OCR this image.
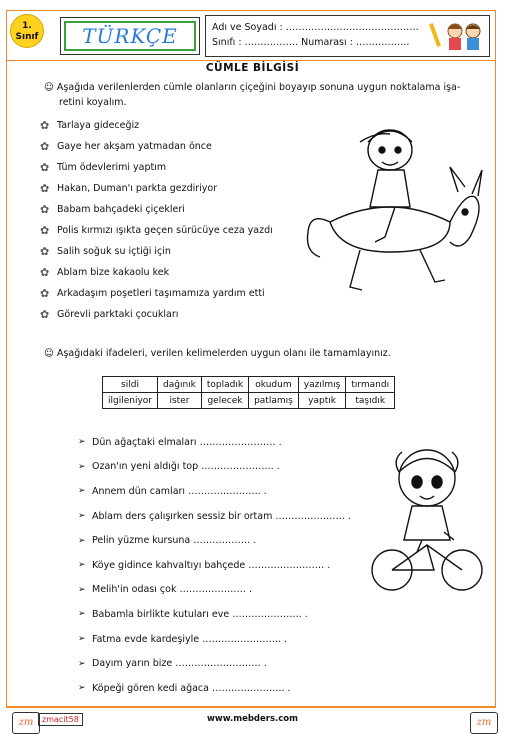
1.
Sınıf	TÜRKÇE	Adı ve Soyadı : ……………………………………
Sınıfı : …………….. Numarası : ……………..
CÜMLE BİLGİSİ
☺ Aşağıda verilenlerden cümle olanların çiçeğini boyayıp sonuna uygun noktalama işa-
retini koyalım.
✿ Tarlaya gideceğiz
✿ Gaye her akşam yatmadan önce
✿ Tüm ödevlerimi yaptım
✿ Hakan, Duman'ı parkta gezdiriyor
✿ Babam bahçadeki çiçekleri
✿ Polis kırmızı ışıkta geçen sürücüye ceza yazdı
✿ Salih soğuk su içtiği için
✿ Ablam bize kakaolu kek
✿ Arkadaşım poşetleri taşımamıza yardım etti
✿ Görevli parktaki çocukları
☺ Aşağıdaki ifadeleri, verilen kelimelerden uygun olanı ile tamamlayınız.
sildi	dağınık	topladık	okudum	yazılmış	tırmandı
ilgileniyor	ister	gelecek	patlamış	yaptık	taşıdık
➢ Dün ağaçtaki elmaları …………………… .
➢ Ozan'ın yeni aldığı top ………………….. .
➢ Annem dün camları ………………….. .
➢ Ablam ders çalışırken sessiz bir ortam …………………. .
➢ Pelin yüzme kursuna ……………… .
➢ Köye gidince kahvaltıyı bahçede …………………… .
➢ Melih'in odası çok ………………… .
➢ Babamla birlikte kutuları eve …………………. .
➢ Fatma evde kardeşiyle ……………………. .
➢ Dayım yarın bize ……………………… .
➢ Köpeği gören kedi ağaca ………………….. .
zm	zmacit58	www.mebders.com	zm
